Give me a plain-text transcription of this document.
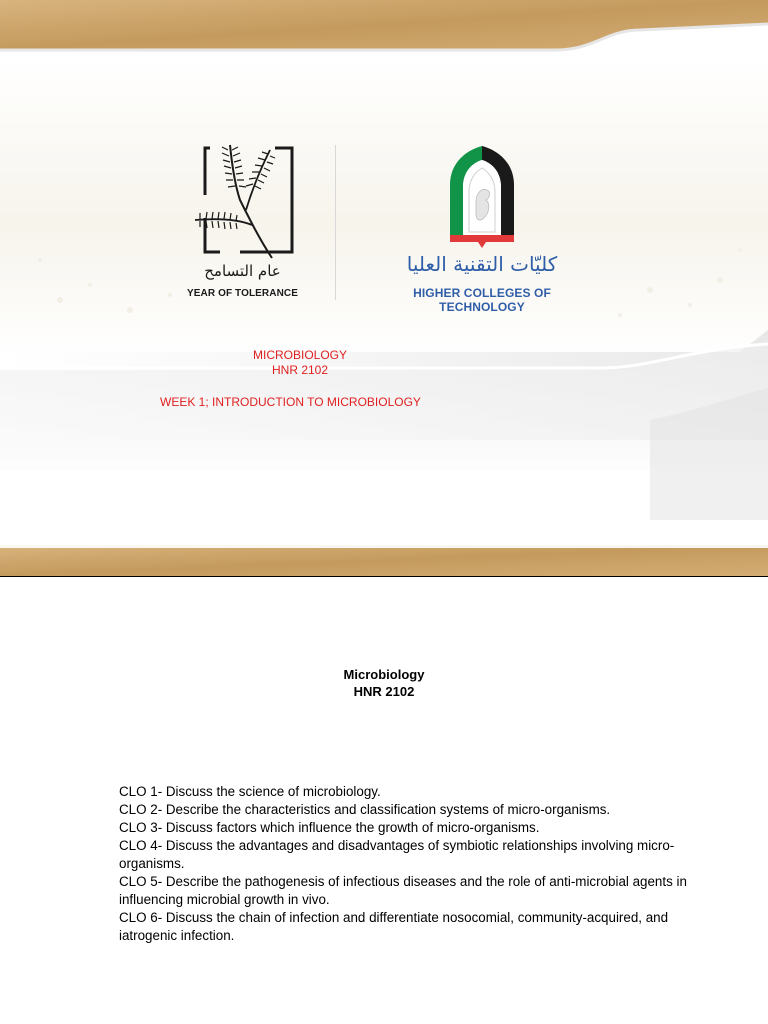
عام التسامح
YEAR OF TOLERANCE
كليّات التقنية العليا
HIGHER COLLEGES OF TECHNOLOGY
MICROBIOLOGY
HNR 2102
WEEK 1; INTRODUCTION TO MICROBIOLOGY
Microbiology
HNR 2102

CLO 1- Discuss the science of microbiology.

CLO 2- Describe the characteristics and classification systems of micro-organisms.

CLO 3- Discuss factors which influence the growth of micro-organisms.

CLO 4- Discuss the advantages and disadvantages of symbiotic relationships involving micro-organisms.

CLO 5- Describe the pathogenesis of infectious diseases and the role of anti-microbial agents in influencing microbial growth in vivo.

CLO 6- Discuss the chain of infection and differentiate nosocomial, community-acquired, and iatrogenic infection.
